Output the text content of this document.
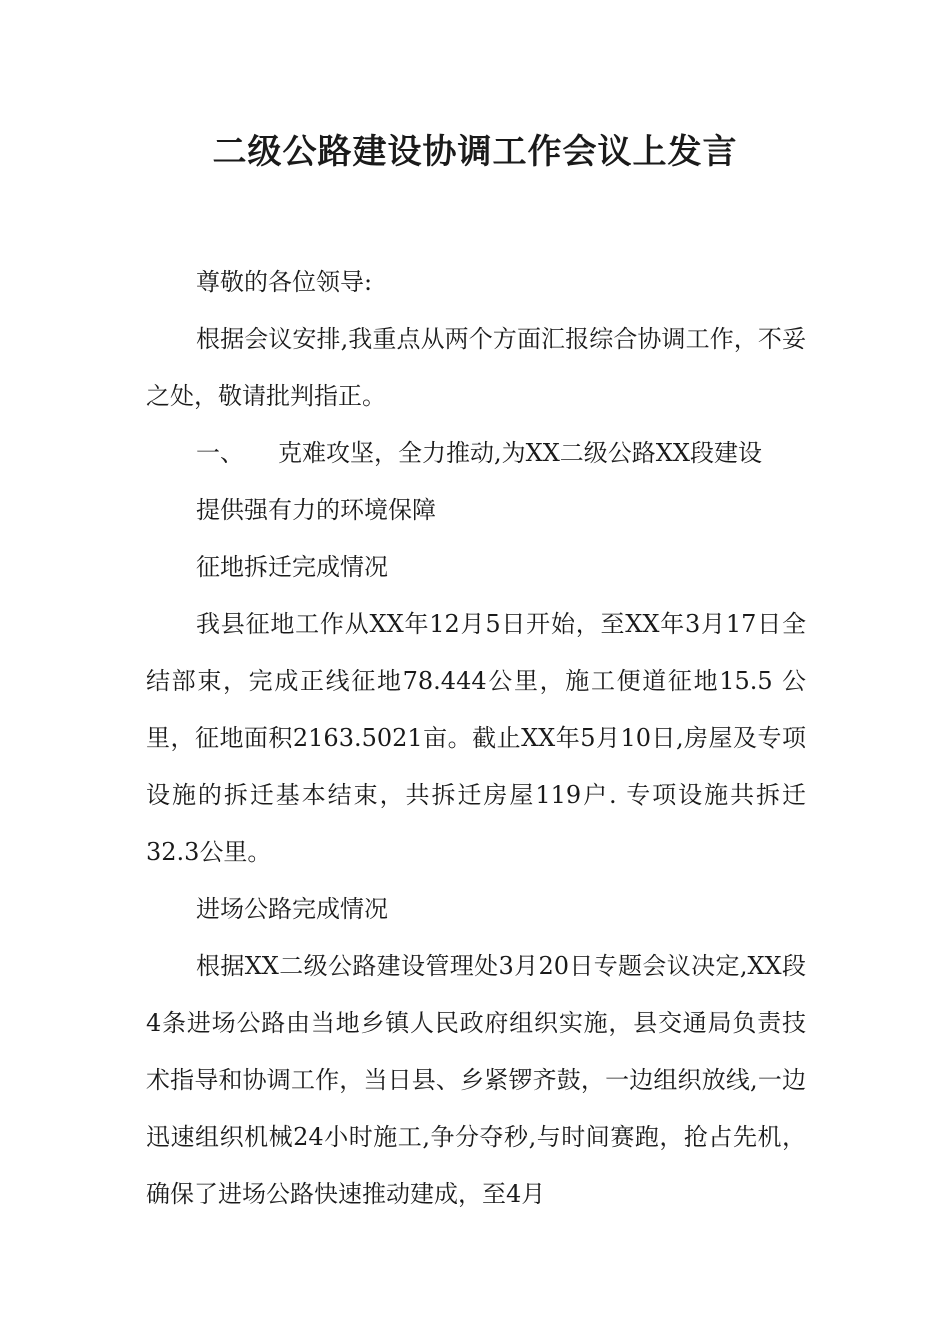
二级公路建设协调工作会议上发言

尊敬的各位领导:

根据会议安排,我重点从两个方面汇报综合协调工作，不妥之处，敬请批判指正。

一、 克难攻坚，全力推动,为XX二级公路XX段建设

提供强有力的环境保障

征地拆迁完成情况

我县征地工作从XX年12月5日开始，至XX年3月17日全结部束，完成正线征地78.444公里，施工便道征地15.5 公里，征地面积2163.5021亩。截止XX年5月10日,房屋及专项设施的拆迁基本结束，共拆迁房屋119户. 专项设施共拆迁32.3公里。

进场公路完成情况

根据XX二级公路建设管理处3月20日专题会议决定,XX段4条进场公路由当地乡镇人民政府组织实施，县交通局负责技术指导和协调工作，当日县、乡紧锣齐鼓，一边组织放线,一边迅速组织机械24小时施工,争分夺秒,与时间赛跑，抢占先机，确保了进场公路快速推动建成，至4月
